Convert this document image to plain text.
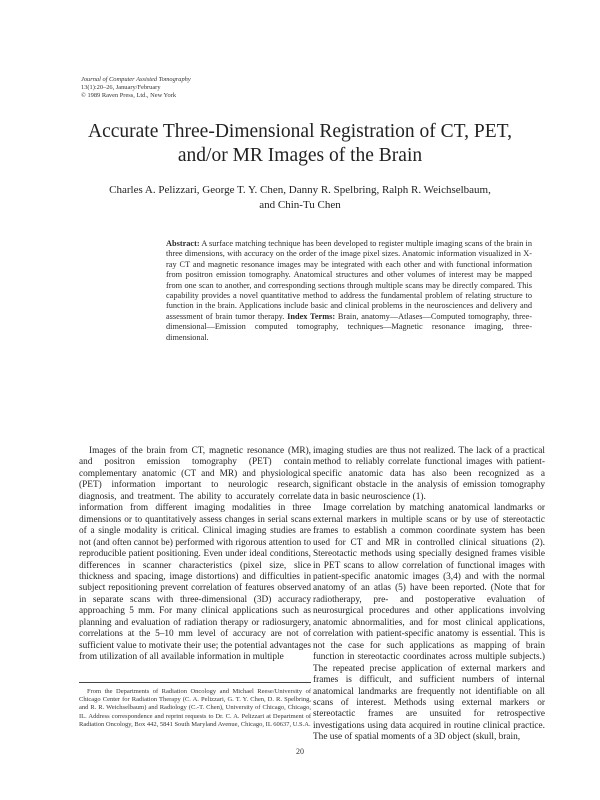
Journal of Computer Assisted Tomography
13(1):20–26, January/February
© 1989 Raven Press, Ltd., New York
Accurate Three-Dimensional Registration of CT, PET,
and/or MR Images of the Brain
Charles A. Pelizzari, George T. Y. Chen, Danny R. Spelbring, Ralph R. Weichselbaum,
and Chin-Tu Chen

Abstract: A surface matching technique has been developed to register multiple imaging scans of the brain in three dimensions, with accuracy on the order of the image pixel sizes. Anatomic information visualized in X-ray CT and magnetic resonance images may be integrated with each other and with functional information from positron emission tomography. Anatomical structures and other volumes of interest may be mapped from one scan to another, and corresponding sections through multiple scans may be directly compared. This capability provides a novel quantitative method to address the fundamental problem of relating structure to function in the brain. Applications include basic and clinical problems in the neurosciences and delivery and assessment of brain tumor therapy. Index Terms: Brain, anatomy—Atlases—Computed tomography, three-dimensional—Emission computed tomography, techniques—Magnetic resonance imaging, three-dimensional.

Images of the brain from CT, magnetic resonance (MR), and positron emission tomography (PET) contain complementary anatomic (CT and MR) and physiological (PET) information important to neurologic research, diagnosis, and treatment. The ability to accurately correlate information from different imaging modalities in three dimensions or to quantitatively assess changes in serial scans of a single modality is critical. Clinical imaging studies are not (and often cannot be) performed with rigorous attention to reproducible patient positioning. Even under ideal conditions, differences in scanner characteristics (pixel size, slice thickness and spacing, image distortions) and difficulties in subject repositioning prevent correlation of features observed in separate scans with three-dimensional (3D) accuracy approaching 5 mm. For many clinical applications such as planning and evaluation of radiation therapy or radiosurgery, correlations at the 5–10 mm level of accuracy are not of sufficient value to motivate their use; the potential advantages from utilization of all available information in multiple

imaging studies are thus not realized. The lack of a practical method to reliably correlate functional images with patient-specific anatomic data has also been recognized as a significant obstacle in the analysis of emission tomography data in basic neuroscience (1).

Image correlation by matching anatomical landmarks or external markers in multiple scans or by use of stereotactic frames to establish a common coordinate system has been used for CT and MR in controlled clinical situations (2). Stereotactic methods using specially designed frames visible in PET scans to allow correlation of functional images with patient-specific anatomic images (3,4) and with the normal anatomy of an atlas (5) have been reported. (Note that for radiotherapy, pre- and postoperative evaluation of neurosurgical procedures and other applications involving anatomic abnormalities, and for most clinical applications, correlation with patient-specific anatomy is essential. This is not the case for such applications as mapping of brain function in stereotactic coordinates across multiple subjects.) The repeated precise application of external markers and frames is difficult, and sufficient numbers of internal anatomical landmarks are frequently not identifiable on all scans of interest. Methods using external markers or stereotactic frames are unsuited for retrospective investigations using data acquired in routine clinical practice. The use of spatial moments of a 3D object (skull, brain,

From the Departments of Radiation Oncology and Michael Reese/University of Chicago Center for Radiation Therapy (C. A. Pelizzari, G. T. Y. Chen, D. R. Spelbring, and R. R. Weichselbaum) and Radiology (C.-T. Chen), University of Chicago, Chicago, IL. Address correspondence and reprint requests to Dr. C. A. Pelizzari at Department of Radiation Oncology, Box 442, 5841 South Maryland Avenue, Chicago, IL 60637, U.S.A.

20
